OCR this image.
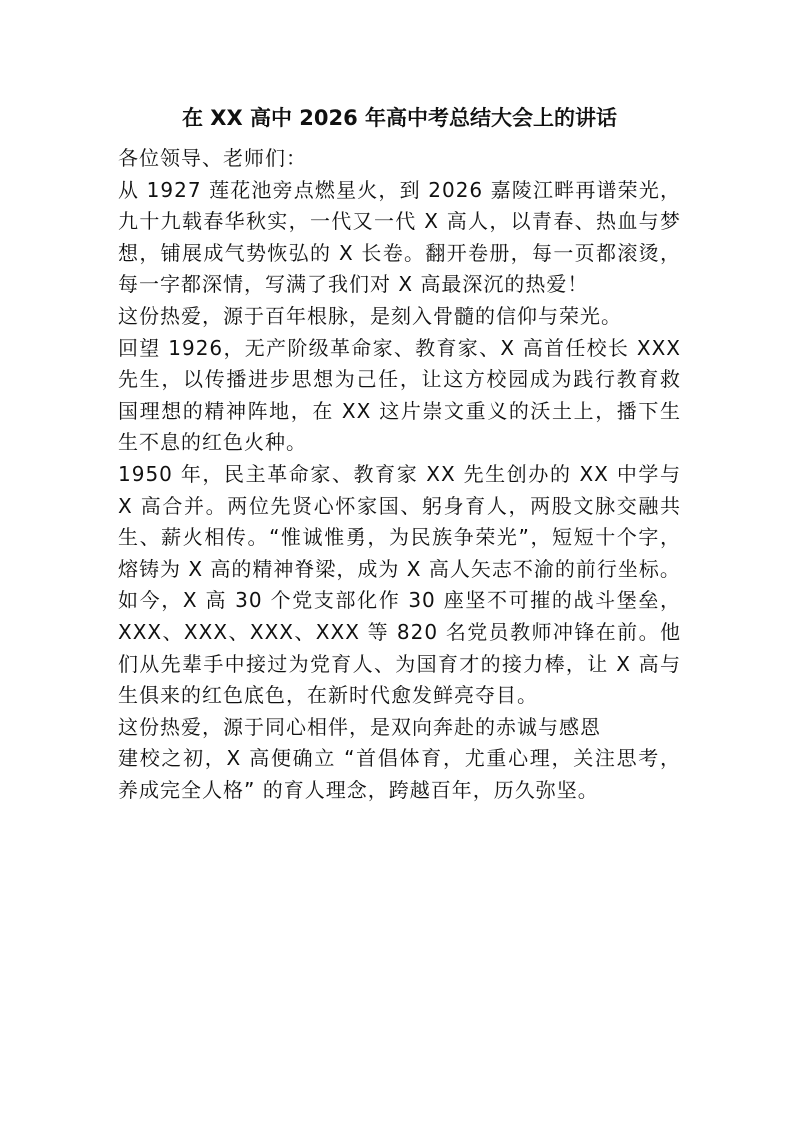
在 XX 高中 2026 年高中考总结大会上的讲话

各位领导、老师们：

从 1927 莲花池旁点燃星火，到 2026 嘉陵江畔再谱荣光，九十九载春华秋实，一代又一代 X 高人，以青春、热血与梦想，铺展成气势恢弘的 X 长卷。翻开卷册，每一页都滚烫，每一字都深情，写满了我们对 X 高最深沉的热爱！

这份热爱，源于百年根脉，是刻入骨髓的信仰与荣光。

回望 1926，无产阶级革命家、教育家、X 高首任校长 XXX 先生，以传播进步思想为己任，让这方校园成为践行教育救国理想的精神阵地，在 XX 这片崇文重义的沃土上，播下生生不息的红色火种。

1950 年，民主革命家、教育家 XX 先生创办的 XX 中学与 X 高合并。两位先贤心怀家国、躬身育人，两股文脉交融共生、薪火相传。“惟诚惟勇，为民族争荣光”，短短十个字，熔铸为 X 高的精神脊梁，成为 X 高人矢志不渝的前行坐标。

如今，X 高 30 个党支部化作 30 座坚不可摧的战斗堡垒，XXX、XXX、XXX、XXX 等 820 名党员教师冲锋在前。他们从先辈手中接过为党育人、为国育才的接力棒，让 X 高与生俱来的红色底色，在新时代愈发鲜亮夺目。

这份热爱，源于同心相伴，是双向奔赴的赤诚与感恩

建校之初，X 高便确立 “首倡体育，尤重心理，关注思考，养成完全人格” 的育人理念，跨越百年，历久弥坚。
